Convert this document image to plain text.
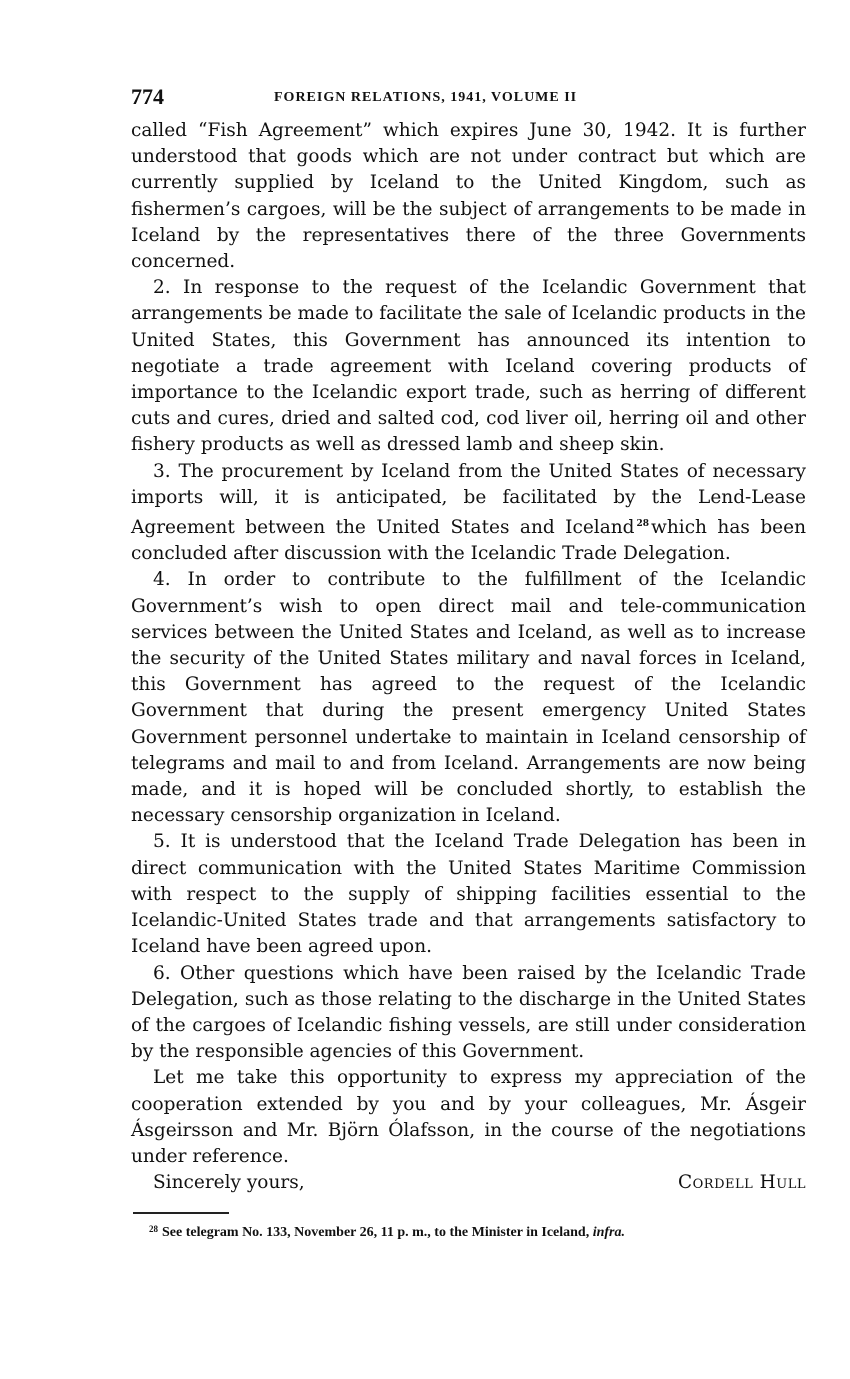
774	FOREIGN RELATIONS, 1941, VOLUME II

called “Fish Agreement” which expires June 30, 1942. It is further understood that goods which are not under contract but which are currently supplied by Iceland to the United Kingdom, such as fishermen’s cargoes, will be the subject of arrangements to be made in Iceland by the representatives there of the three Governments concerned.

2. In response to the request of the Icelandic Government that arrangements be made to facilitate the sale of Icelandic products in the United States, this Government has announced its intention to negotiate a trade agreement with Iceland covering products of importance to the Icelandic export trade, such as herring of different cuts and cures, dried and salted cod, cod liver oil, herring oil and other fishery products as well as dressed lamb and sheep skin.

3. The procurement by Iceland from the United States of necessary imports will, it is anticipated, be facilitated by the Lend-Lease Agreement between the United States and Iceland $^{28}$ which has been concluded after discussion with the Icelandic Trade Delegation.

4. In order to contribute to the fulfillment of the Icelandic Government’s wish to open direct mail and tele-communication services between the United States and Iceland, as well as to increase the security of the United States military and naval forces in Iceland, this Government has agreed to the request of the Icelandic Government that during the present emergency United States Government personnel undertake to maintain in Iceland censorship of telegrams and mail to and from Iceland. Arrangements are now being made, and it is hoped will be concluded shortly, to establish the necessary censorship organization in Iceland.

5. It is understood that the Iceland Trade Delegation has been in direct communication with the United States Maritime Commission with respect to the supply of shipping facilities essential to the Icelandic-United States trade and that arrangements satisfactory to Iceland have been agreed upon.

6. Other questions which have been raised by the Icelandic Trade Delegation, such as those relating to the discharge in the United States of the cargoes of Icelandic fishing vessels, are still under consideration by the responsible agencies of this Government.

Let me take this opportunity to express my appreciation of the cooperation extended by you and by your colleagues, Mr. Ásgeir Ásgeirsson and Mr. Björn Ólafsson, in the course of the negotiations under reference.

Sincerely yours,	Cordell Hull
$^{28}$ See telegram No. 133, November 26, 11 p. m., to the Minister in Iceland, infra.
